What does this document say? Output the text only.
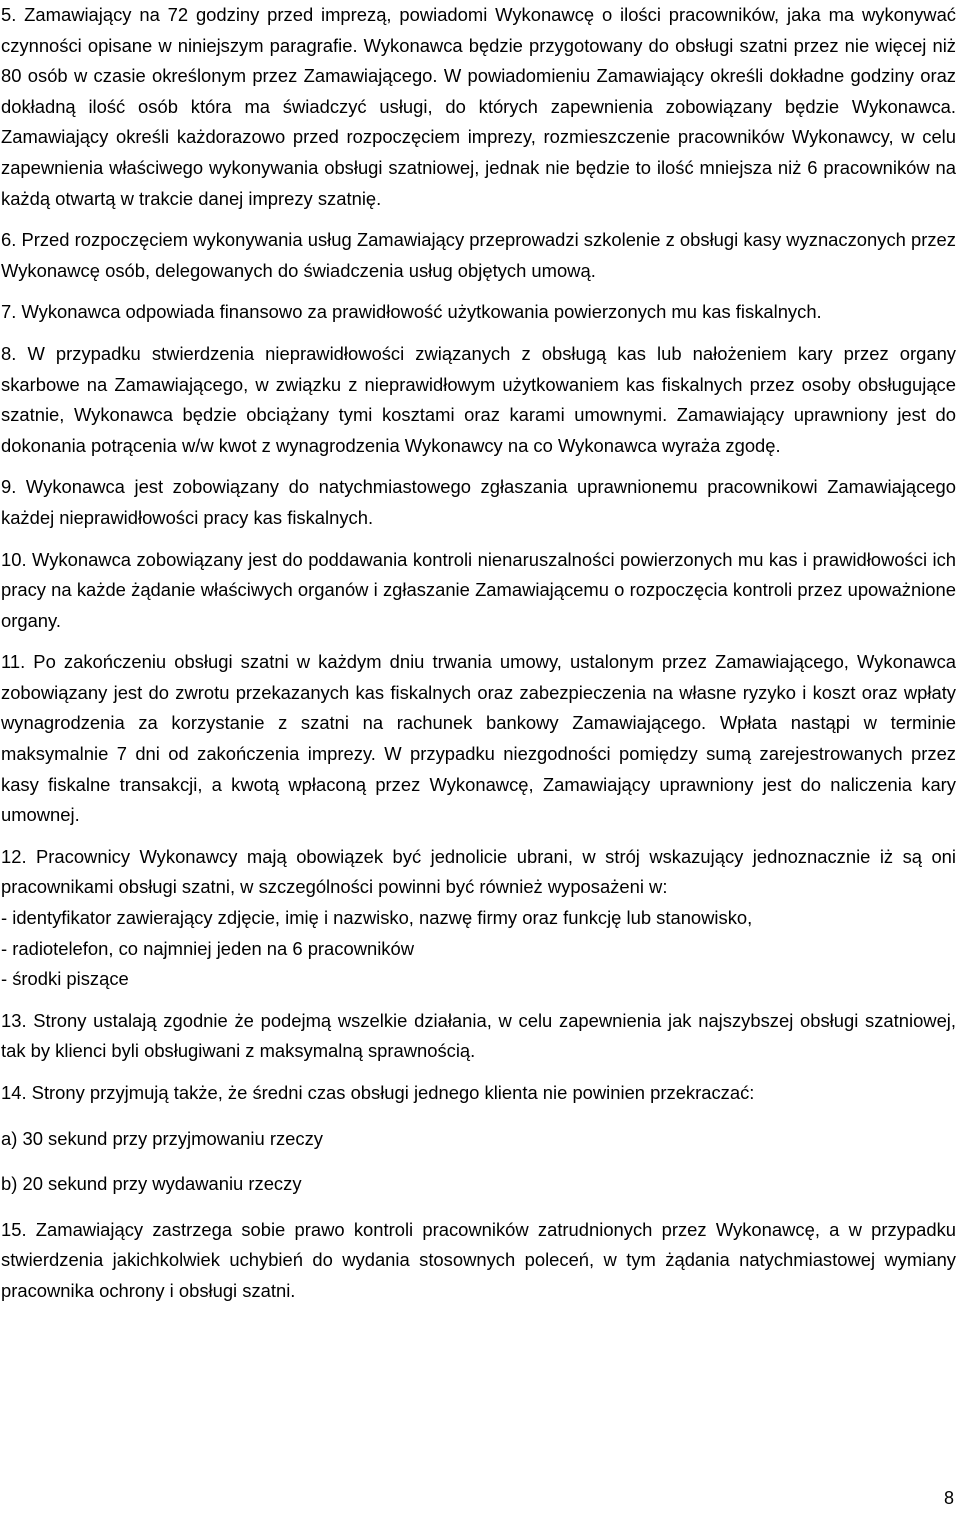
5. Zamawiający na 72 godziny przed imprezą, powiadomi Wykonawcę o ilości pracowników, jaka ma wykonywać czynności opisane w niniejszym paragrafie. Wykonawca będzie przygotowany do obsługi szatni przez nie więcej niż 80 osób w czasie określonym przez Zamawiającego. W powiadomieniu Zamawiający określi dokładne godziny oraz dokładną ilość osób która ma świadczyć usługi, do których zapewnienia zobowiązany będzie Wykonawca. Zamawiający określi każdorazowo przed rozpoczęciem imprezy, rozmieszczenie pracowników Wykonawcy, w celu zapewnienia właściwego wykonywania obsługi szatniowej, jednak nie będzie to ilość mniejsza niż 6 pracowników na każdą otwartą w trakcie danej imprezy szatnię.

6. Przed rozpoczęciem wykonywania usług Zamawiający przeprowadzi szkolenie z obsługi kasy wyznaczonych przez Wykonawcę osób, delegowanych do świadczenia usług objętych umową.

7. Wykonawca odpowiada finansowo za prawidłowość użytkowania powierzonych mu kas fiskalnych.

8. W przypadku stwierdzenia nieprawidłowości związanych z obsługą kas lub nałożeniem kary przez organy skarbowe na Zamawiającego, w związku z nieprawidłowym użytkowaniem kas fiskalnych przez osoby obsługujące szatnie, Wykonawca będzie obciążany tymi kosztami oraz karami umownymi. Zamawiający uprawniony jest do dokonania potrącenia w/w kwot z wynagrodzenia Wykonawcy na co Wykonawca wyraża zgodę.

9. Wykonawca jest zobowiązany do natychmiastowego zgłaszania uprawnionemu pracownikowi Zamawiającego każdej nieprawidłowości pracy kas fiskalnych.

10. Wykonawca zobowiązany jest do poddawania kontroli nienaruszalności powierzonych mu kas i prawidłowości ich pracy na każde żądanie właściwych organów i zgłaszanie Zamawiającemu o rozpoczęcia kontroli przez upoważnione organy.

11. Po zakończeniu obsługi szatni w każdym dniu trwania umowy, ustalonym przez Zamawiającego, Wykonawca zobowiązany jest do zwrotu przekazanych kas fiskalnych oraz zabezpieczenia na własne ryzyko i koszt oraz wpłaty wynagrodzenia za korzystanie z szatni na rachunek bankowy Zamawiającego. Wpłata nastąpi w terminie maksymalnie 7 dni od zakończenia imprezy. W przypadku niezgodności pomiędzy sumą zarejestrowanych przez kasy fiskalne transakcji, a kwotą wpłaconą przez Wykonawcę, Zamawiający uprawniony jest do naliczenia kary umownej.

12. Pracownicy Wykonawcy mają obowiązek być jednolicie ubrani, w strój wskazujący jednoznacznie iż są oni pracownikami obsługi szatni, w szczególności powinni być również wyposażeni w:

- identyfikator zawierający zdjęcie, imię i nazwisko, nazwę firmy oraz funkcję lub stanowisko,
- radiotelefon, co najmniej jeden na 6 pracowników
- środki piszące

13. Strony ustalają zgodnie że podejmą wszelkie działania, w celu zapewnienia jak najszybszej obsługi szatniowej, tak by klienci byli obsługiwani z maksymalną sprawnością.

14. Strony przyjmują także, że średni czas obsługi jednego klienta nie powinien przekraczać:

a) 30 sekund przy przyjmowaniu rzeczy

b) 20 sekund przy wydawaniu rzeczy

15. Zamawiający zastrzega sobie prawo kontroli pracowników zatrudnionych przez Wykonawcę, a w przypadku stwierdzenia jakichkolwiek uchybień do wydania stosownych poleceń, w tym żądania natychmiastowej wymiany pracownika ochrony i obsługi szatni.

8
